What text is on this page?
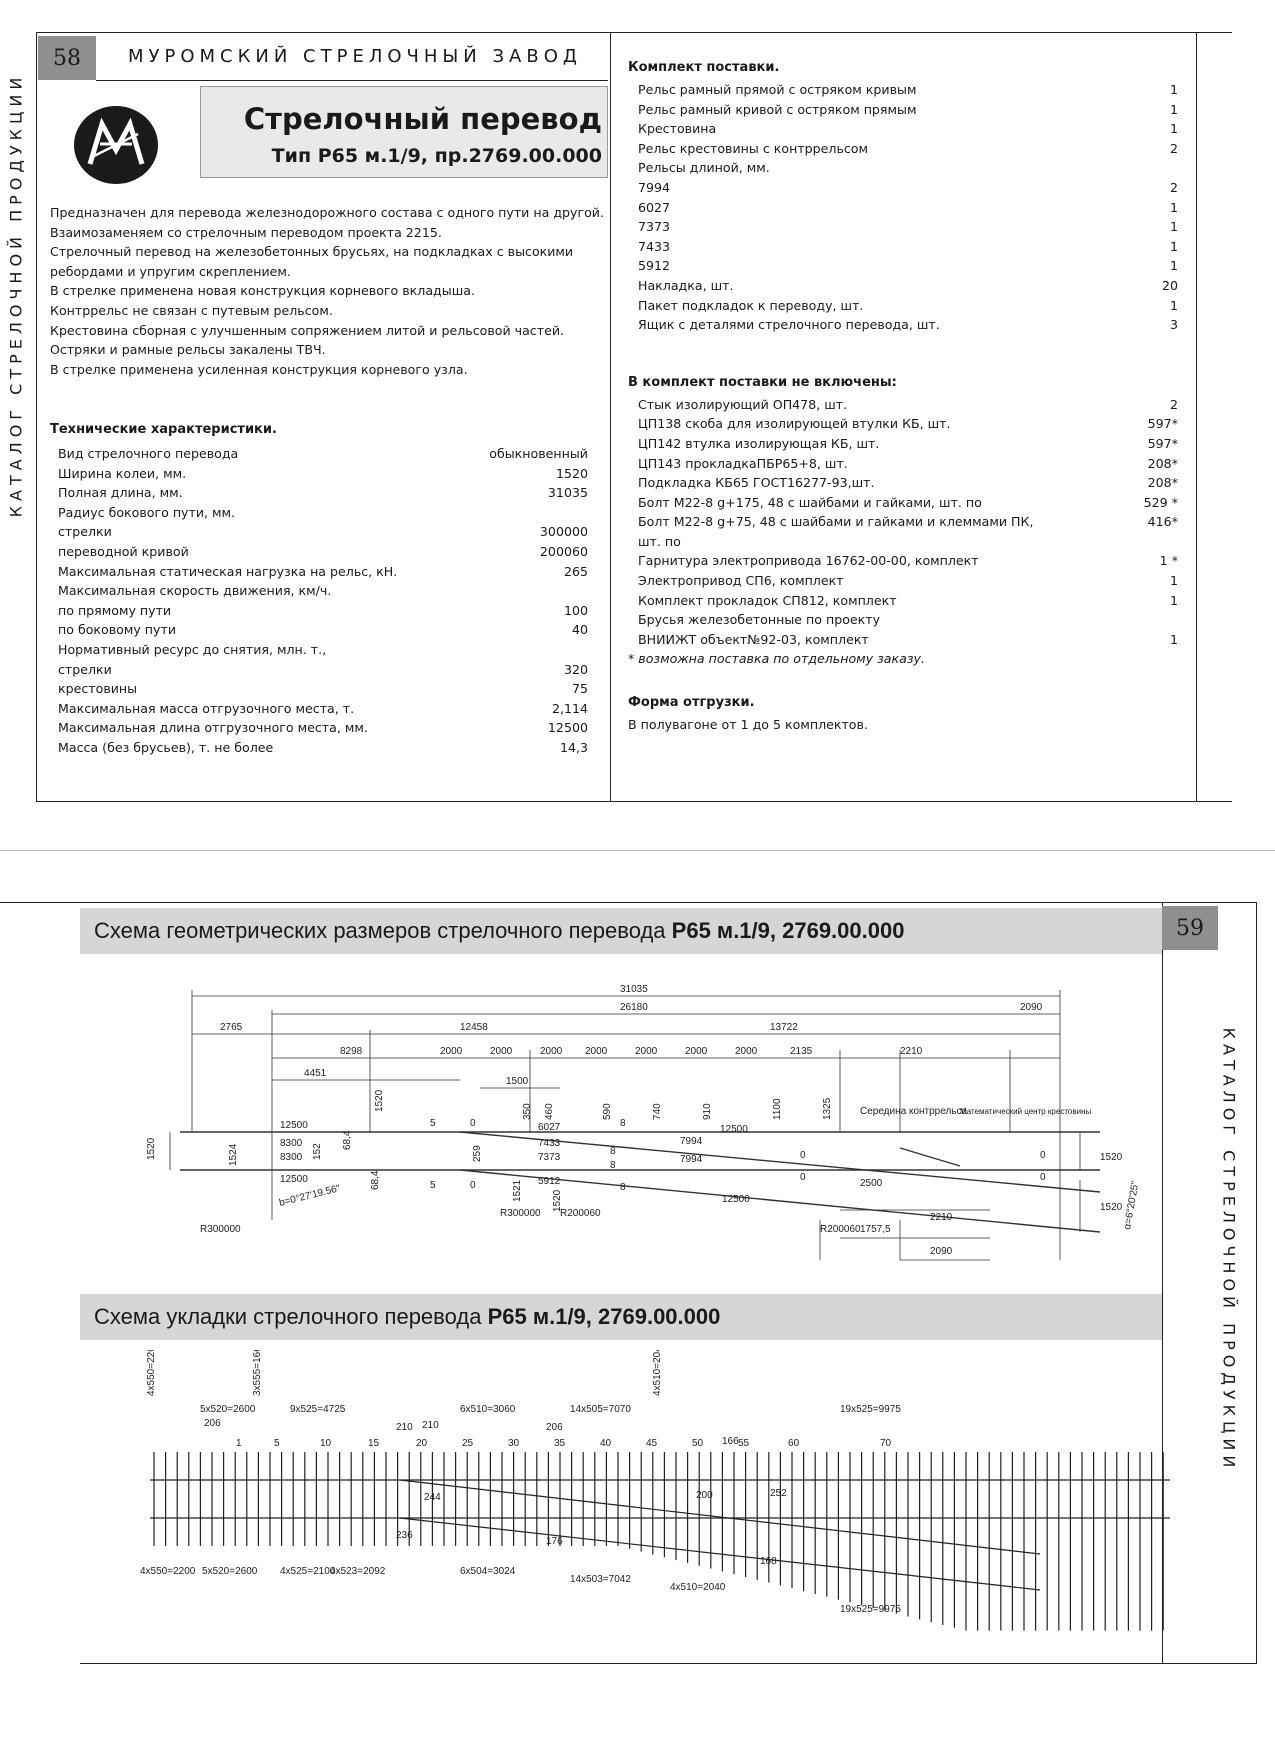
КАТАЛОГ СТРЕЛОЧНОЙ ПРОДУКЦИИ
58	МУРОМСКИЙ СТРЕЛОЧНЫЙ ЗАВОД
Стрелочный перевод
Тип Р65 м.1/9, пр.2769.00.000
Предназначен для перевода железнодорожного состава с одного пути на другой.
Взаимозаменяем со стрелочным переводом проекта 2215.
Стрелочный перевод на железобетонных брусьях, на подкладках с высокими ребордами и упругим скреплением.
В стрелке применена новая конструкция корневого вкладыша.
Контррельс не связан с путевым рельсом.
Крестовина сборная с улучшенным сопряжением литой и рельсовой частей.
Остряки и рамные рельсы закалены ТВЧ.
В стрелке применена усиленная конструкция корневого узла.
Технические характеристики.
Вид стрелочного перевода	обыкновенный
Ширина колеи, мм.	1520
Полная длина, мм.	31035
Радиус бокового пути, мм.
стрелки	300000
переводной кривой	200060
Максимальная статическая нагрузка на рельс, кН.	265
Максимальная скорость движения, км/ч.
по прямому пути	100
по боковому пути	40
Нормативный ресурс до снятия, млн. т.,
стрелки	320
крестовины	75
Максимальная масса отгрузочного места, т.	2,114
Максимальная длина отгрузочного места, мм.	12500
Масса (без брусьев), т. не более	14,3
Комплект поставки.
Рельс рамный прямой с остряком кривым	1
Рельс рамный кривой с остряком прямым	1
Крестовина	1
Рельс крестовины с контррельсом	2
Рельсы длиной, мм.
7994	2
6027	1
7373	1
7433	1
5912	1
Накладка, шт.	20
Пакет подкладок к переводу, шт.	1
Ящик с деталями стрелочного перевода, шт.	3
В комплект поставки не включены:
Стык изолирующий ОП478, шт.	2
ЦП138 скоба для изолирующей втулки КБ, шт.	597*
ЦП142 втулка изолирующая КБ, шт.	597*
ЦП143 прокладкаПБР65+8, шт.	208*
Подкладка КБ65 ГОСТ16277-93,шт.	208*
Болт М22-8 g+175, 48 с шайбами и гайками, шт. по	529 *
Болт М22-8 g+75, 48 с шайбами и гайками и клеммами ПК,	416*
шт. по
Гарнитура электропривода 16762-00-00, комплект	1 *
Электропривод СП6, комплект	1
Комплект прокладок СП812, комплект	1
Брусья железобетонные по проекту
ВНИИЖТ объект№92-03, комплект	1
* возможна поставка по отдельному заказу.
Форма отгрузки.
В полувагоне от 1 до 5 комплектов.
59
КАТАЛОГ СТРЕЛОЧНОЙ ПРОДУКЦИИ
Схема геометрических размеров стрелочного перевода Р65 м.1/9, 2769.00.000
31035
26180	2090
2765	12458	13722
4451
1500
8298	2000	2000	2000 2000	2000	2000	2000	2135	2210
12500
8300
8300
12500
6027
7433
7373
5912
7994
7994
12500
12500
1520	1524
1520
68,4
68,4
259
350 460	590	740	910	1100	1325
1521	1520
152
5	0
5	0
8
8
8
8
0
0
0
0
1520
1520
b=0°27'19.56"	α=6°20'25"
R300000
R300000 R200060
R200060
2500
2210
1757,5
2090
Середина контррельса
Математический центр крестовины
Схема укладки стрелочного перевода Р65 м.1/9, 2769.00.000
4x550=2200
5x520=2600
3x555=1665
9x525=4725	6x510=3060	14x505=7070
4x510=2040
19x525=9975
4x550=2200 5x520=2600 4x525=2100
4x523=2092	6x504=3024
14x503=7042
4x510=2040
19x525=9975
1	5	10	15	20	25	30	35	40	45	50	55	60	70
206	210 210	206
236
244
176
166
200	252
168
